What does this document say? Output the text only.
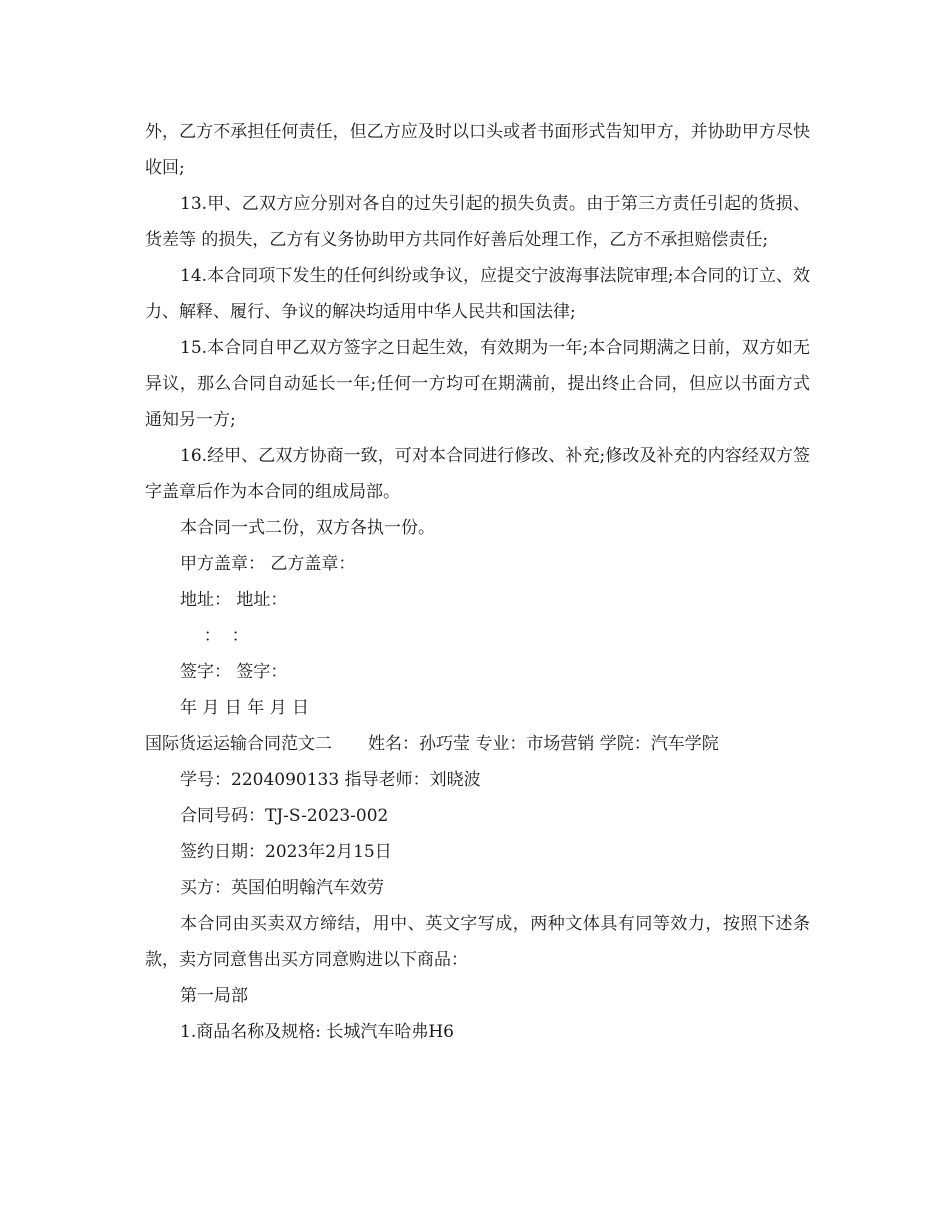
外，乙方不承担任何责任，但乙方应及时以口头或者书面形式告知甲方，并协助甲方尽快收回;

13.甲、乙双方应分别对各自的过失引起的损失负责。由于第三方责任引起的货损、货差等 的损失，乙方有义务协助甲方共同作好善后处理工作，乙方不承担赔偿责任;

14.本合同项下发生的任何纠纷或争议，应提交宁波海事法院审理;本合同的订立、效力、解释、履行、争议的解决均适用中华人民共和国法律;

15.本合同自甲乙双方签字之日起生效，有效期为一年;本合同期满之日前，双方如无异议，那么合同自动延长一年;任何一方均可在期满前，提出终止合同，但应以书面方式通知另一方;

16.经甲、乙双方协商一致，可对本合同进行修改、补充;修改及补充的内容经双方签字盖章后作为本合同的组成局部。

本合同一式二份，双方各执一份。

甲方盖章： 乙方盖章：

地址： 地址：

：  ：

签字： 签字：

年 月 日 年 月 日

国际货运运输合同范文二 姓名：孙巧莹 专业：市场营销 学院：汽车学院

学号：2204090133 指导老师：刘晓波

合同号码：TJ-S-2023-002

签约日期：2023年2月15日

买方：英国伯明翰汽车效劳

本合同由买卖双方缔结，用中、英文字写成，两种文体具有同等效力，按照下述条款，卖方同意售出买方同意购进以下商品：

第一局部

1.商品名称及规格: 长城汽车哈弗H6
